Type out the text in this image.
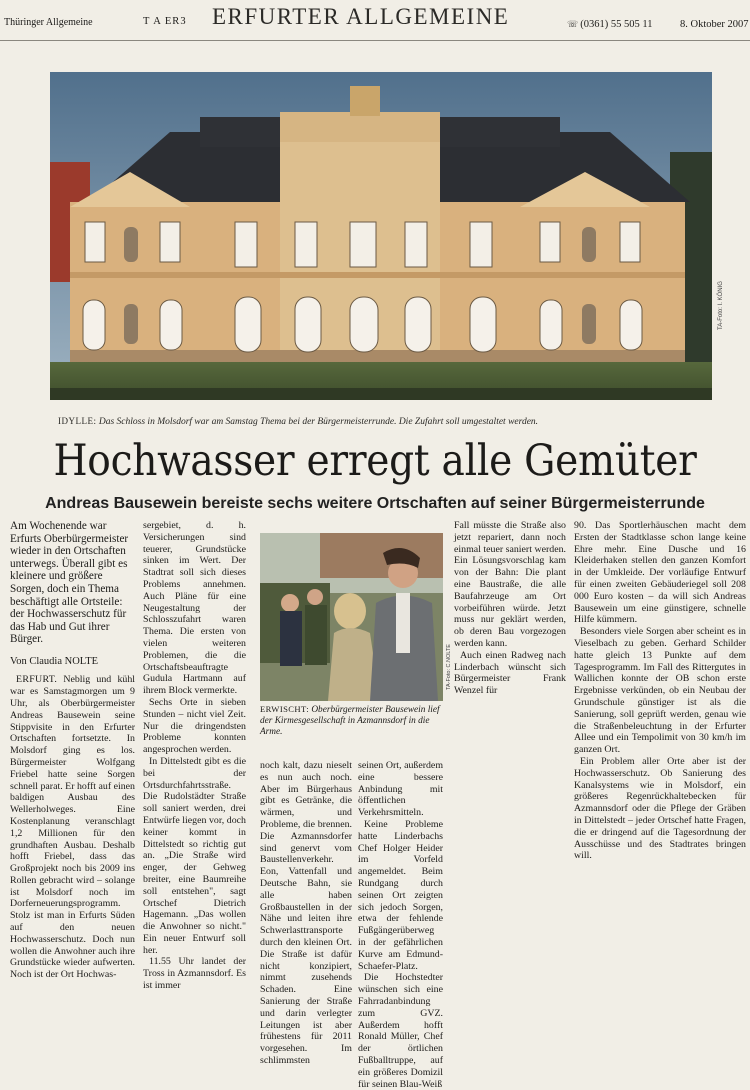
Thüringer Allgemeine	T A ER3 ERFURTER ALLGEMEINE	☏ (0361) 55 505 11	8. Oktober 2007
TA-Foto: I. KÖNIG

IDYLLE: Das Schloss in Molsdorf war am Samstag Thema bei der Bürgermeisterrunde. Die Zufahrt soll umgestaltet werden.

Hochwasser erregt alle Gemüter
Andreas Bausewein bereiste sechs weitere Ortschaften auf seiner Bürgermeisterrunde

Am Wochenende war Erfurts Oberbürgermeister wieder in den Ortschaften unterwegs. Überall gibt es kleinere und größere Sorgen, doch ein Thema beschäftigt alle Ortsteile: der Hochwasserschutz für das Hab und Gut ihrer Bürger.

Von Claudia NOLTE

ERFURT. Neblig und kühl war es Samstagmorgen um 9 Uhr, als Oberbürgermeister Andreas Bausewein seine Stippvisite in den Erfurter Ortschaften fortsetzte. In Molsdorf ging es los. Bürgermeister Wolfgang Friebel hatte seine Sorgen schnell parat. Er hofft auf einen baldigen Ausbau des Wellerholweges. Eine Kostenplanung veranschlagt 1,2 Millionen für den grundhaften Ausbau. Deshalb hofft Friebel, dass das Großprojekt noch bis 2009 ins Rollen gebracht wird – solange ist Molsdorf noch im Dorferneuerungsprogramm. Stolz ist man in Erfurts Süden auf den neuen Hochwasserschutz. Doch nun wollen die Anwohner auch ihre Grundstücke wieder aufwerten. Noch ist der Ort Hochwas-

sergebiet, d. h. Versicherungen sind teuerer, Grundstücke sinken im Wert. Der Stadtrat soll sich dieses Problems annehmen. Auch Pläne für eine Neugestaltung der Schlosszufahrt waren Thema. Die ersten von vielen weiteren Problemen, die die Ortschaftsbeauftragte Gudula Hartmann auf ihrem Block vermerkte.

Sechs Orte in sieben Stunden – nicht viel Zeit. Nur die dringendsten Probleme konnten angesprochen werden.

In Dittelstedt gibt es die bei der Ortsdurchfahrtsstraße. Die Rudolstädter Straße soll saniert werden, drei Entwürfe liegen vor, doch keiner kommt in Dittelstedt so richtig gut an. „Die Straße wird enger, der Gehweg breiter, eine Baumreihe soll entstehen", sagt Ortschef Dietrich Hagemann. „Das wollen die Anwohner so nicht." Ein neuer Entwurf soll her.

11.55 Uhr landet der Tross in Azmannsdorf. Es ist immer

TA-Foto: C.NOLTE

ERWISCHT: Oberbürgermeister Bausewein lief der Kirmesgesellschaft in Azmannsdorf in die Arme.

noch kalt, dazu nieselt es nun auch noch. Aber im Bürgerhaus gibt es Getränke, die wärmen, und Probleme, die brennen. Die Azmannsdorfer sind genervt vom Baustellenverkehr. Eon, Vattenfall und Deutsche Bahn, sie alle haben Großbaustellen in der Nähe und leiten ihre Schwerlasttransporte durch den kleinen Ort. Die Straße ist dafür nicht konzipiert, nimmt zusehends Schaden. Eine Sanierung der Straße und darin verlegter Leitungen ist aber frühestens für 2011 vorgesehen. Im schlimmsten

seinen Ort, außerdem eine bessere Anbindung mit öffentlichen Verkehrsmitteln.

Keine Probleme hatte Linderbachs Chef Holger Heider im Vorfeld angemeldet. Beim Rundgang durch seinen Ort zeigten sich jedoch Sorgen, etwa der fehlende Fußgängerüberweg in der gefährlichen Kurve am Edmund-Schaefer-Platz.

Die Hochstedter wünschen sich eine Fahrradanbindung zum GVZ. Außerdem hofft Ronald Müller, Chef der örtlichen Fußballtruppe, auf ein größeres Domizil für seinen Blau-Weiß

Fall müsste die Straße also jetzt repariert, dann noch einmal teuer saniert werden. Ein Lösungsvorschlag kam von der Bahn: Die plant eine Baustraße, die alle Baufahrzeuge am Ort vorbeiführen würde. Jetzt muss nur geklärt werden, ob deren Bau vorgezogen werden kann.

Auch einen Radweg nach Linderbach wünscht sich Bürgermeister Frank Wenzel für

90. Das Sportlerhäuschen macht dem Ersten der Stadtklasse schon lange keine Ehre mehr. Eine Dusche und 16 Kleiderhaken stellen den ganzen Komfort in der Umkleide. Der vorläufige Entwurf für einen zweiten Gebäuderiegel soll 208 000 Euro kosten – da will sich Andreas Bausewein um eine günstigere, schnelle Hilfe kümmern.

Besonders viele Sorgen aber scheint es in Vieselbach zu geben. Gerhard Schilder hatte gleich 13 Punkte auf dem Tagesprogramm. Im Fall des Rittergutes in Wallichen konnte der OB schon erste Ergebnisse verkünden, ob ein Neubau der Grundschule günstiger ist als die Sanierung, soll geprüft werden, genau wie die Straßenbeleuchtung in der Erfurter Allee und ein Tempolimit von 30 km/h im ganzen Ort.

Ein Problem aller Orte aber ist der Hochwasserschutz. Ob Sanierung des Kanalsystems wie in Molsdorf, ein größeres Regenrückhaltebecken für Azmannsdorf oder die Pflege der Gräben in Dittelstedt – jeder Ortschef hatte Fragen, die er dringend auf die Tagesordnung der Ausschüsse und des Stadtrates bringen will.
